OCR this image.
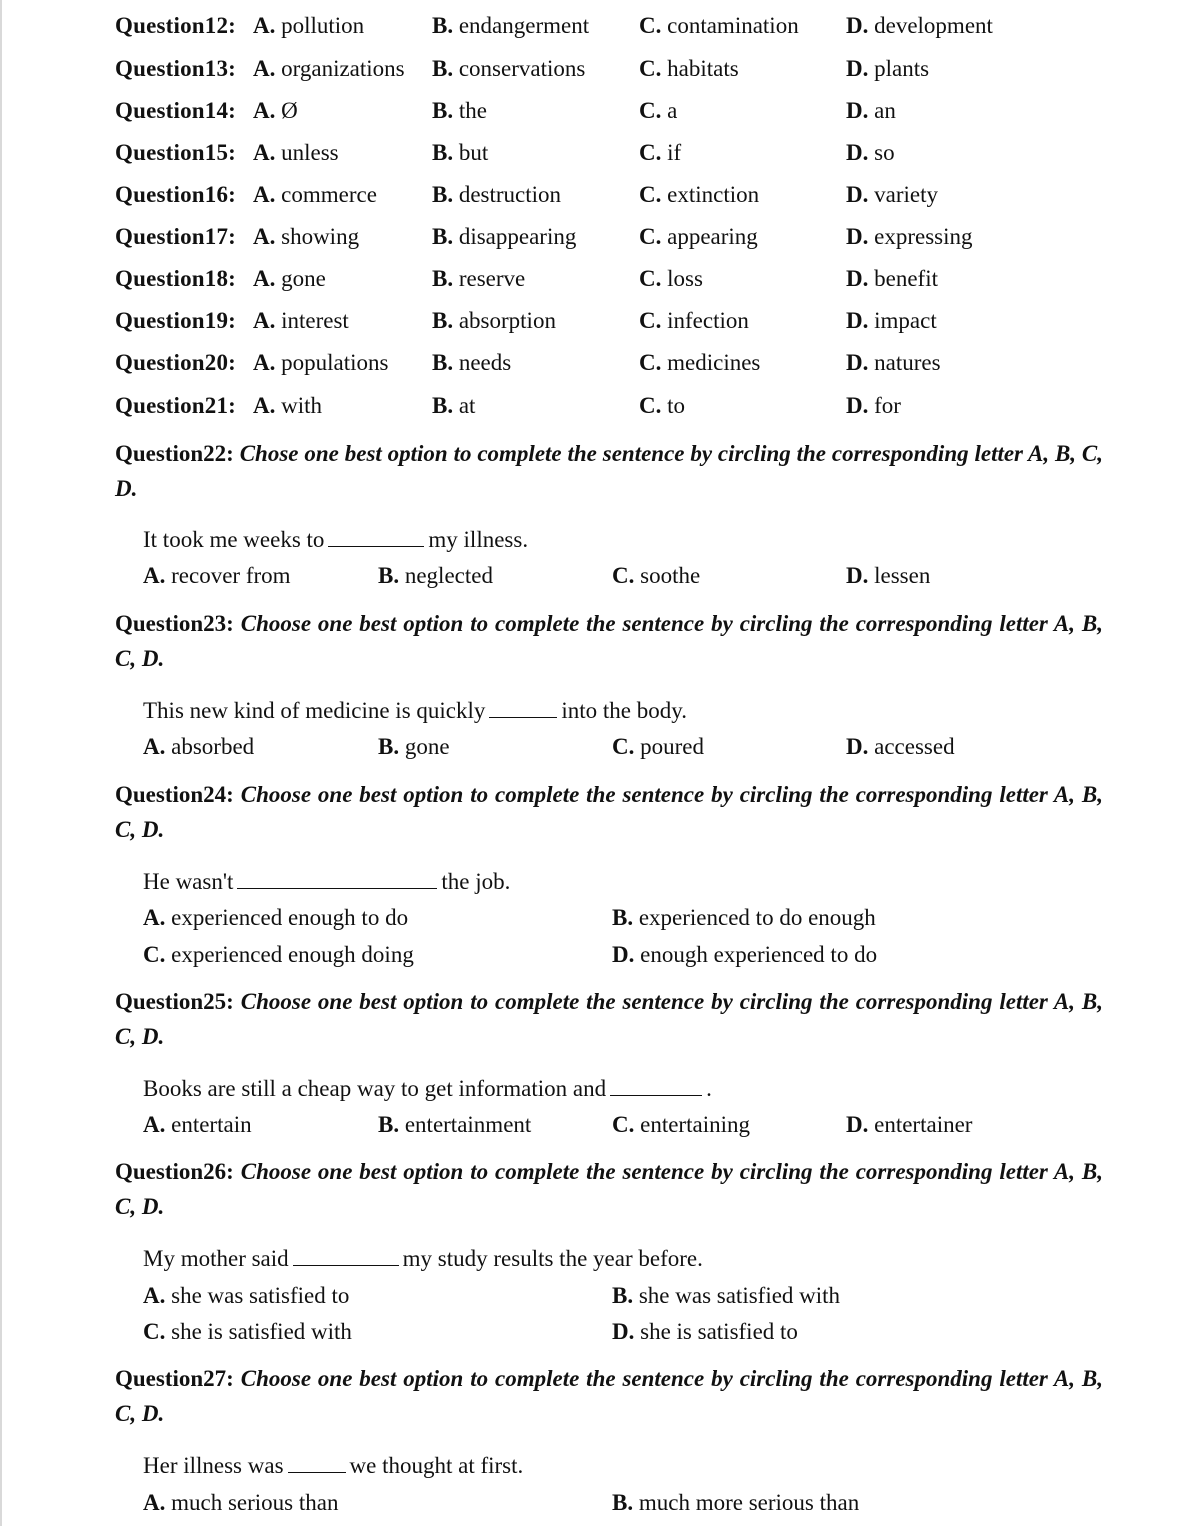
Question12: A. pollution	B. endangerment C. contamination D. development
Question13: A. organizations B. conservations C. habitats	D. plants
Question14: A. Ø	B. the	C. a	D. an
Question15: A. unless	B. but	C. if	D. so
Question16: A. commerce B. destruction	C. extinction	D. variety
Question17: A. showing	B. disappearing	C. appearing	D. expressing
Question18: A. gone	B. reserve	C. loss	D. benefit
Question19: A. interest	B. absorption	C. infection	D. impact
Question20: A. populations B. needs	C. medicines	D. natures
Question21: A. with	B. at	C. to	D. for
Question22: Chose one best option to complete the sentence by circling the corresponding letter A, B, C, D.
It took me weeks to	my illness.
A. recover from	B. neglected	C. soothe	D. lessen
Question23: Choose one best option to complete the sentence by circling the corresponding letter A, B, C, D.
This new kind of medicine is quickly	into the body.
A. absorbed	B. gone	C. poured	D. accessed
Question24: Choose one best option to complete the sentence by circling the corresponding letter A, B, C, D.
He wasn't	the job.
A. experienced enough to do	B. experienced to do enough
C. experienced enough doing	D. enough experienced to do
Question25: Choose one best option to complete the sentence by circling the corresponding letter A, B, C, D.
Books are still a cheap way to get information and	.
A. entertain	B. entertainment	C. entertaining	D. entertainer
Question26: Choose one best option to complete the sentence by circling the corresponding letter A, B, C, D.
My mother said	my study results the year before.
A. she was satisfied to	B. she was satisfied with
C. she is satisfied with	D. she is satisfied to
Question27: Choose one best option to complete the sentence by circling the corresponding letter A, B, C, D.
Her illness was	we thought at first.
A. much serious than	B. much more serious than
